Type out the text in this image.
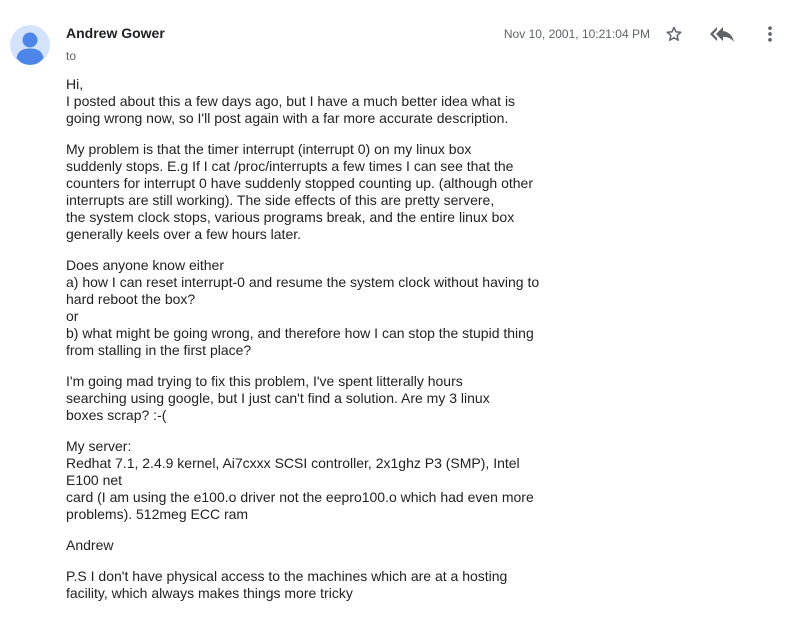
Andrew Gower
to
Nov 10, 2001, 10:21:04 PM
Hi,
I posted about this a few days ago, but I have a much better idea what is
going wrong now, so I'll post again with a far more accurate description.
My problem is that the timer interrupt (interrupt 0) on my linux box
suddenly stops. E.g If I cat /proc/interrupts a few times I can see that the
counters for interrupt 0 have suddenly stopped counting up. (although other
interrupts are still working). The side effects of this are pretty servere,
the system clock stops, various programs break, and the entire linux box
generally keels over a few hours later.
Does anyone know either
a) how I can reset interrupt-0 and resume the system clock without having to
hard reboot the box?
or
b) what might be going wrong, and therefore how I can stop the stupid thing
from stalling in the first place?
I'm going mad trying to fix this problem, I've spent litterally hours
searching using google, but I just can't find a solution. Are my 3 linux
boxes scrap? :-(
My server:
Redhat 7.1, 2.4.9 kernel, Ai7cxxx SCSI controller, 2x1ghz P3 (SMP), Intel
E100 net
card (I am using the e100.o driver not the eepro100.o which had even more
problems). 512meg ECC ram
Andrew
P.S I don't have physical access to the machines which are at a hosting
facility, which always makes things more tricky
